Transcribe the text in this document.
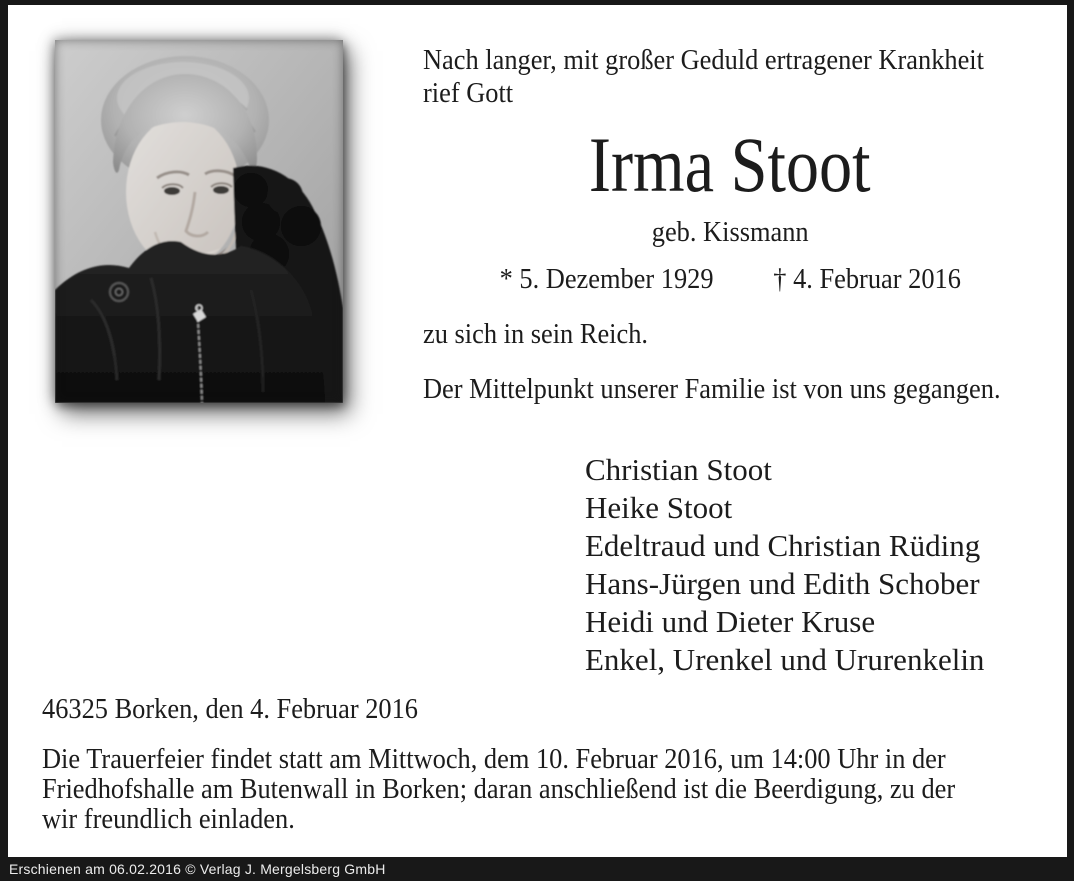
Nach langer, mit großer Geduld ertragener Krankheit
rief Gott
Irma Stoot
geb. Kissmann
* 5. Dezember 1929 † 4. Februar 2016
zu sich in sein Reich.
Der Mittelpunkt unserer Familie ist von uns gegangen.
Christian Stoot
Heike Stoot
Edeltraud und Christian Rüding
Hans-Jürgen und Edith Schober
Heidi und Dieter Kruse
Enkel, Urenkel und Ururenkelin
46325 Borken, den 4. Februar 2016
Die Trauerfeier findet statt am Mittwoch, dem 10. Februar 2016, um 14:00 Uhr in der
Friedhofshalle am Butenwall in Borken; daran anschließend ist die Beerdigung, zu der
wir freundlich einladen.
Erschienen am 06.02.2016 © Verlag J. Mergelsberg GmbH
